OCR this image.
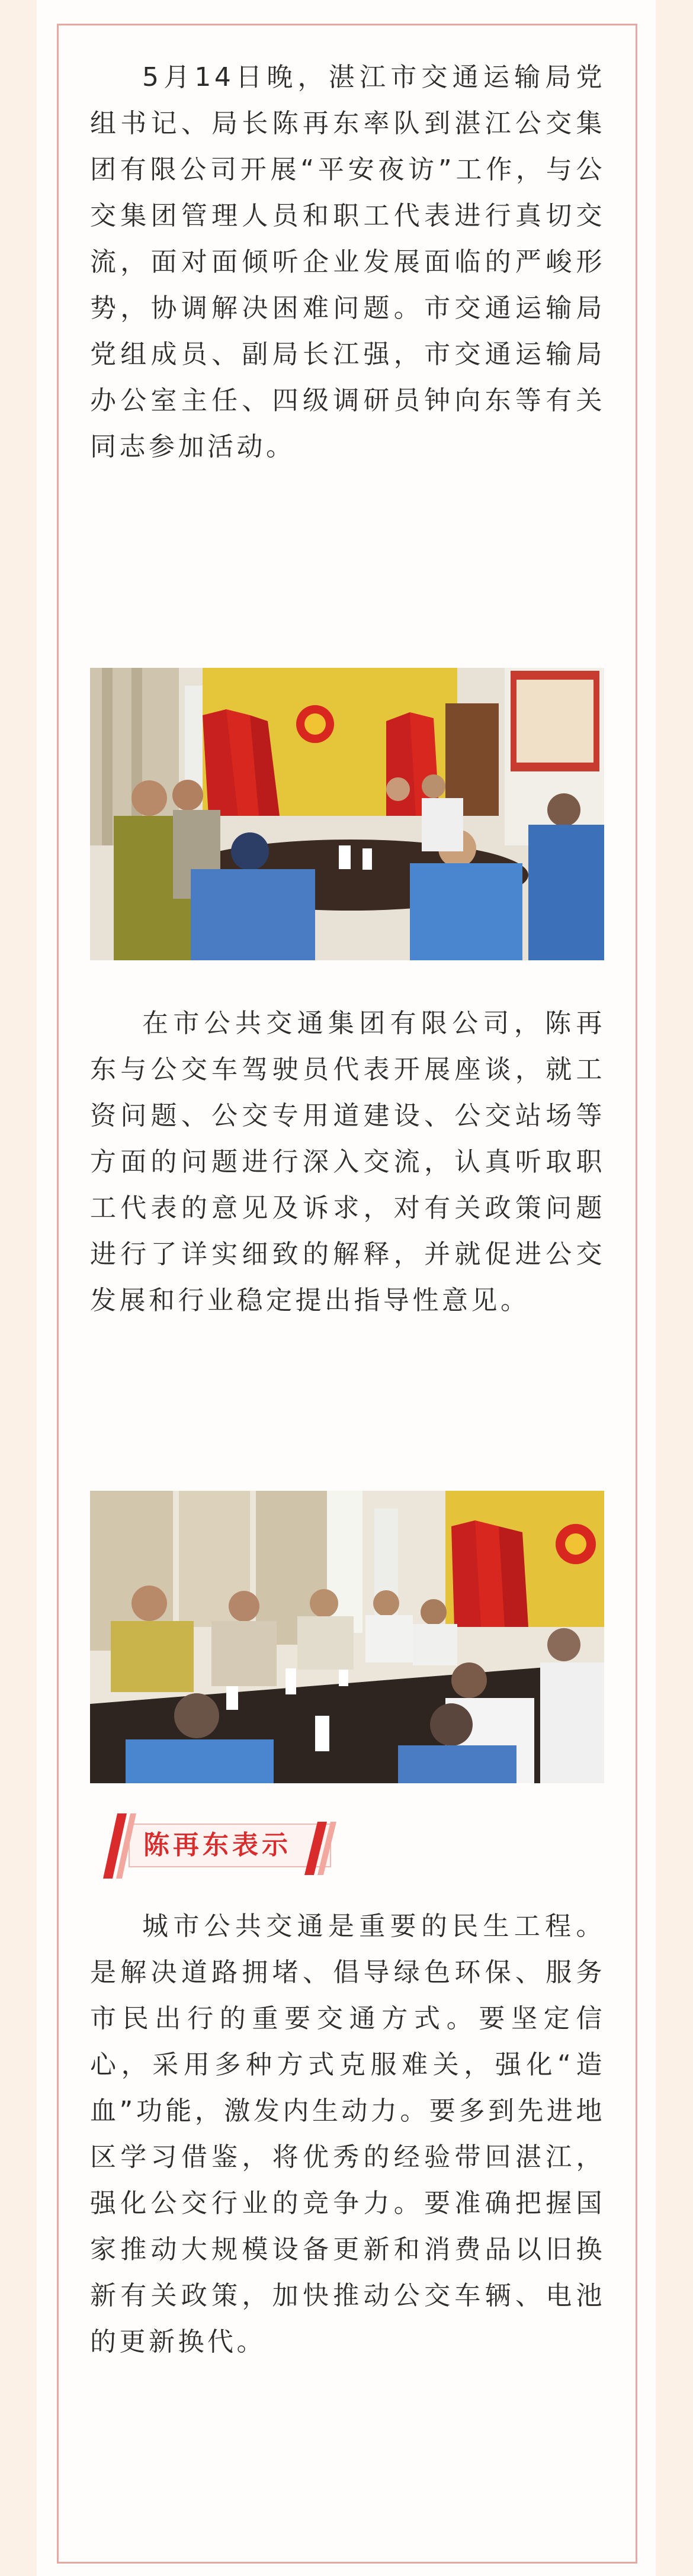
5月14日晚，湛江市交通运输局党组书记、局长陈再东率队到湛江公交集团有限公司开展“平安夜访”工作，与公交集团管理人员和职工代表进行真切交流，面对面倾听企业发展面临的严峻形势，协调解决困难问题。市交通运输局党组成员、副局长江强，市交通运输局办公室主任、四级调研员钟向东等有关同志参加活动。

在市公共交通集团有限公司，陈再东与公交车驾驶员代表开展座谈，就工资问题、公交专用道建设、公交站场等方面的问题进行深入交流，认真听取职工代表的意见及诉求，对有关政策问题进行了详实细致的解释，并就促进公交发展和行业稳定提出指导性意见。

陈再东表示

城市公共交通是重要的民生工程。是解决道路拥堵、倡导绿色环保、服务市民出行的重要交通方式。要坚定信心，采用多种方式克服难关，强化“造血”功能，激发内生动力。要多到先进地区学习借鉴，将优秀的经验带回湛江，强化公交行业的竞争力。要准确把握国家推动大规模设备更新和消费品以旧换新有关政策，加快推动公交车辆、电池的更新换代。
